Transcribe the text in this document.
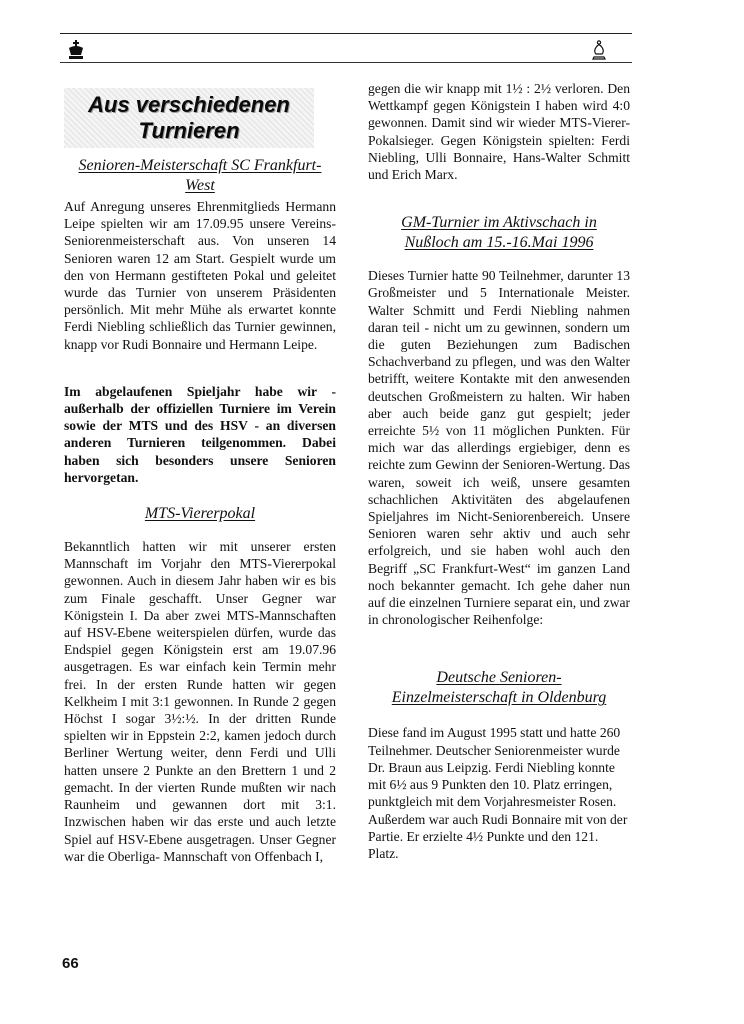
Aus verschiedenen
Turnieren
Senioren-Meisterschaft SC Frankfurt-West

Auf Anregung unseres Ehrenmitglieds Hermann Leipe spielten wir am 17.09.95 unsere Vereins-Seniorenmeisterschaft aus. Von unseren 14 Senioren waren 12 am Start. Gespielt wurde um den von Hermann gestifteten Pokal und geleitet wurde das Turnier von unserem Präsidenten persönlich. Mit mehr Mühe als erwartet konnte Ferdi Niebling schließlich das Turnier gewinnen, knapp vor Rudi Bonnaire und Hermann Leipe.

Im abgelaufenen Spieljahr habe wir - außerhalb der offiziellen Turniere im Verein sowie der MTS und des HSV - an diversen anderen Turnieren teilgenommen. Dabei haben sich besonders unsere Senioren hervorgetan.

MTS-Viererpokal

Bekanntlich hatten wir mit unserer ersten Mannschaft im Vorjahr den MTS-Viererpokal gewonnen. Auch in diesem Jahr haben wir es bis zum Finale geschafft. Unser Gegner war Königstein I. Da aber zwei MTS-Mannschaften auf HSV-Ebene weiterspielen dürfen, wurde das Endspiel gegen Königstein erst am 19.07.96 ausgetragen. Es war einfach kein Termin mehr frei. In der ersten Runde hatten wir gegen Kelkheim I mit 3:1 gewonnen. In Runde 2 gegen Höchst I sogar 3½:½. In der dritten Runde spielten wir in Eppstein 2:2, kamen jedoch durch Berliner Wertung weiter, denn Ferdi und Ulli hatten unsere 2 Punkte an den Brettern 1 und 2 gemacht. In der vierten Runde mußten wir nach Raunheim und gewannen dort mit 3:1. Inzwischen haben wir das erste und auch letzte Spiel auf HSV-Ebene ausgetragen. Unser Gegner war die Oberliga- Mannschaft von Offenbach I,

gegen die wir knapp mit 1½ : 2½ verloren. Den Wettkampf gegen Königstein I haben wird 4:0 gewonnen. Damit sind wir wieder MTS-Vierer-Pokalsieger. Gegen Königstein spielten: Ferdi Niebling, Ulli Bonnaire, Hans-Walter Schmitt und Erich Marx.

GM-Turnier im Aktivschach in
Nußloch am 15.-16.Mai 1996

Dieses Turnier hatte 90 Teilnehmer, darunter 13 Großmeister und 5 Internationale Meister. Walter Schmitt und Ferdi Niebling nahmen daran teil - nicht um zu gewinnen, sondern um die guten Beziehungen zum Badischen Schachverband zu pflegen, und was den Walter betrifft, weitere Kontakte mit den anwesenden deutschen Großmeistern zu halten. Wir haben aber auch beide ganz gut gespielt; jeder erreichte 5½ von 11 möglichen Punkten. Für mich war das allerdings ergiebiger, denn es reichte zum Gewinn der Senioren-Wertung. Das waren, soweit ich weiß, unsere gesamten schachlichen Aktivitäten des abgelaufenen Spieljahres im Nicht-Seniorenbereich. Unsere Senioren waren sehr aktiv und auch sehr erfolgreich, und sie haben wohl auch den Begriff „SC Frankfurt-West“ im ganzen Land noch bekannter gemacht. Ich gehe daher nun auf die einzelnen Turniere separat ein, und zwar in chronologischer Reihenfolge:

Deutsche Senioren-
Einzelmeisterschaft in Oldenburg

Diese fand im August 1995 statt und hatte 260 Teilnehmer. Deutscher Seniorenmeister wurde Dr. Braun aus Leipzig. Ferdi Niebling konnte mit 6½ aus 9 Punkten den 10. Platz erringen, punktgleich mit dem Vorjahresmeister Rosen. Außerdem war auch Rudi Bonnaire mit von der Partie. Er erzielte 4½ Punkte und den 121. Platz.

66
